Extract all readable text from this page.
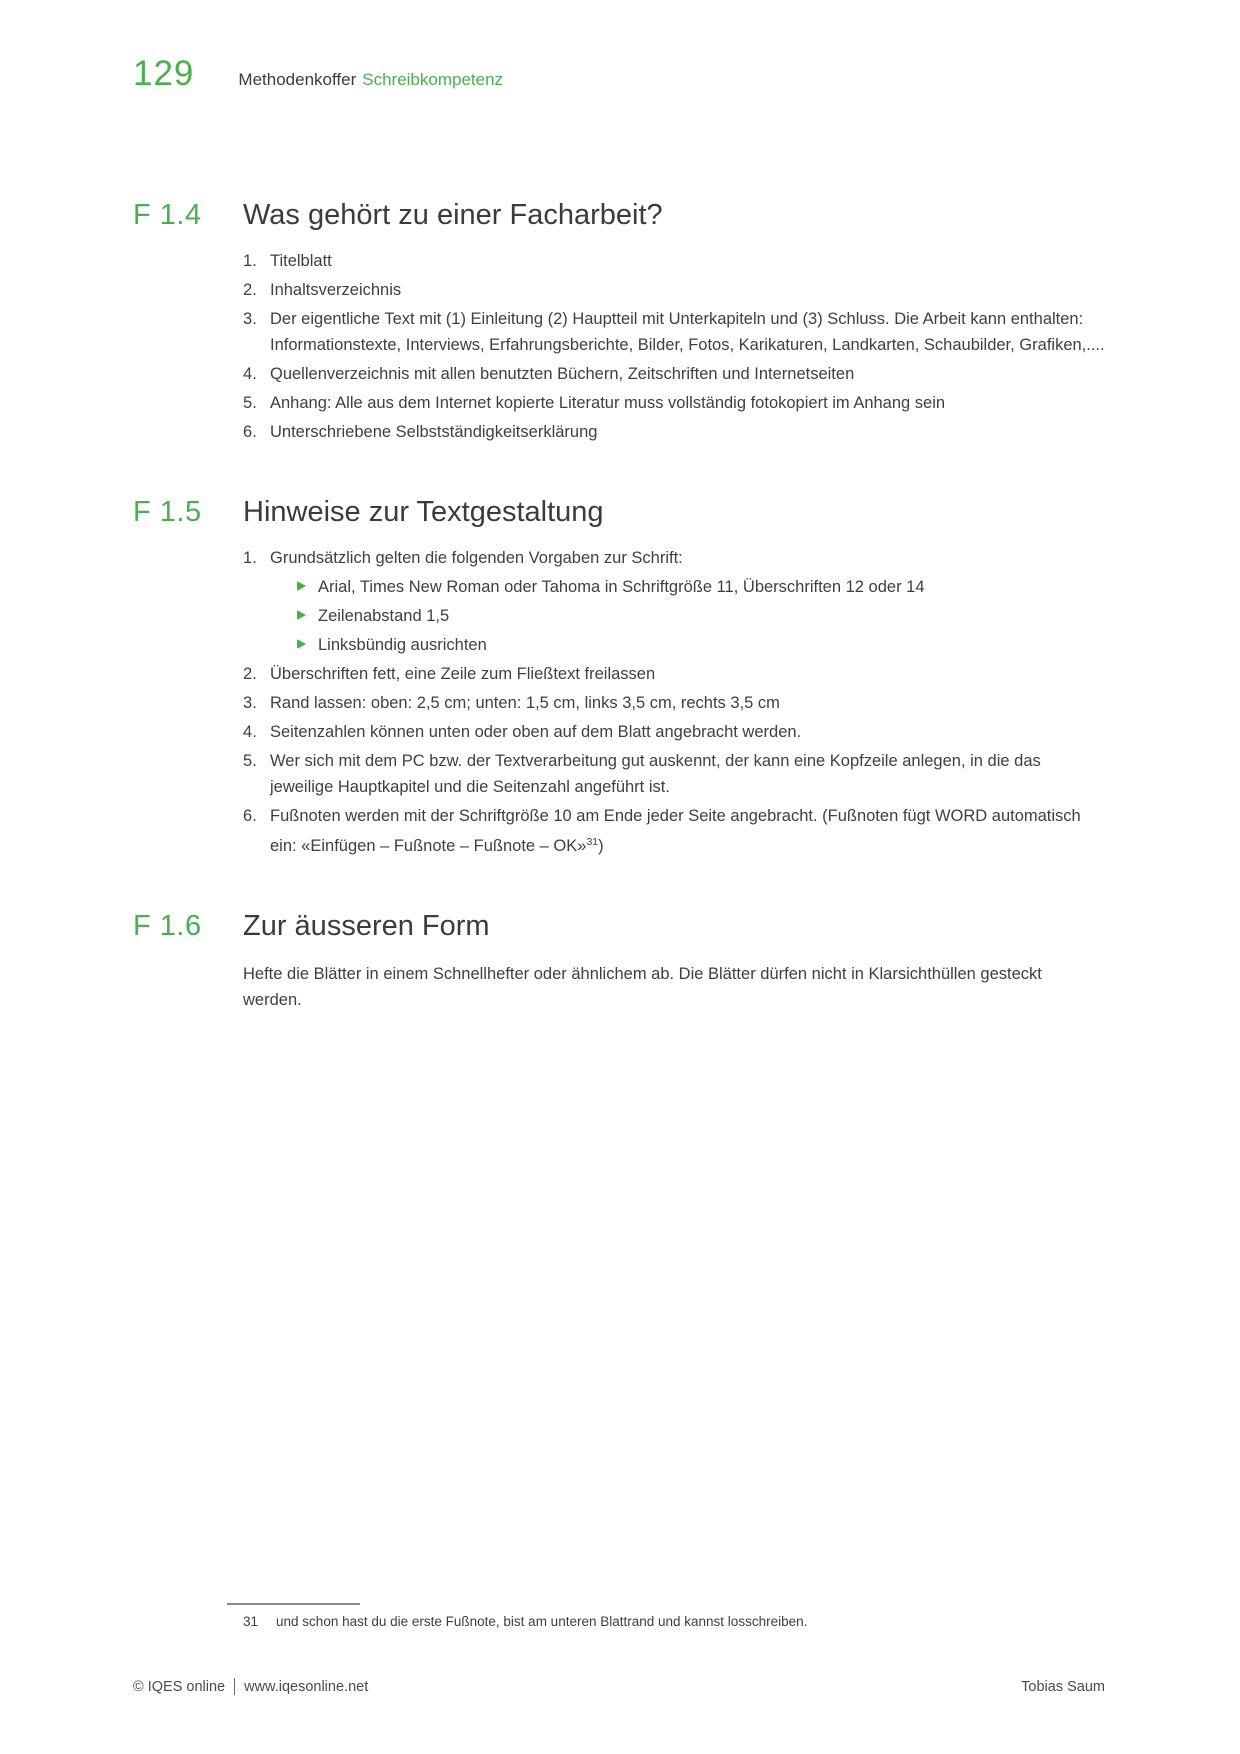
129	Methodenkoffer Schreibkompetenz
F 1.4	Was gehört zu einer Facharbeit?
Titelblatt
Inhaltsverzeichnis
Der eigentliche Text mit (1) Einleitung (2) Hauptteil mit Unterkapiteln und (3) Schluss. Die Arbeit kann enthalten: Informationstexte, Interviews, Erfahrungsberichte, Bilder, Fotos, Karikaturen, Landkarten, Schaubilder, Grafiken,....
Quellenverzeichnis mit allen benutzten Büchern, Zeitschriften und Internetseiten
Anhang: Alle aus dem Internet kopierte Literatur muss vollständig fotokopiert im Anhang sein
Unterschriebene Selbstständigkeitserklärung
F 1.5	Hinweise zur Textgestaltung
Grundsätzlich gelten die folgenden Vorgaben zur Schrift:
Arial, Times New Roman oder Tahoma in Schriftgröße 11, Überschriften 12 oder 14
Zeilenabstand 1,5
Linksbündig ausrichten
Überschriften fett, eine Zeile zum Fließtext freilassen
Rand lassen: oben: 2,5 cm; unten: 1,5 cm, links 3,5 cm, rechts 3,5 cm
Seitenzahlen können unten oder oben auf dem Blatt angebracht werden.
Wer sich mit dem PC bzw. der Textverarbeitung gut auskennt, der kann eine Kopfzeile anlegen, in die das jeweilige Hauptkapitel und die Seitenzahl angeführt ist.
Fußnoten werden mit der Schriftgröße 10 am Ende jeder Seite angebracht. (Fußnoten fügt WORD automatisch ein: «Einfügen – Fußnote – Fußnote – OK»$^{31}$)
F 1.6	Zur äusseren Form

Hefte die Blätter in einem Schnellhefter oder ähnlichem ab. Die Blätter dürfen nicht in Klarsichthüllen gesteckt werden.

31 und schon hast du die erste Fußnote, bist am unteren Blattrand und kannst losschreiben.
© IQES online www.iqesonline.net	Tobias Saum
